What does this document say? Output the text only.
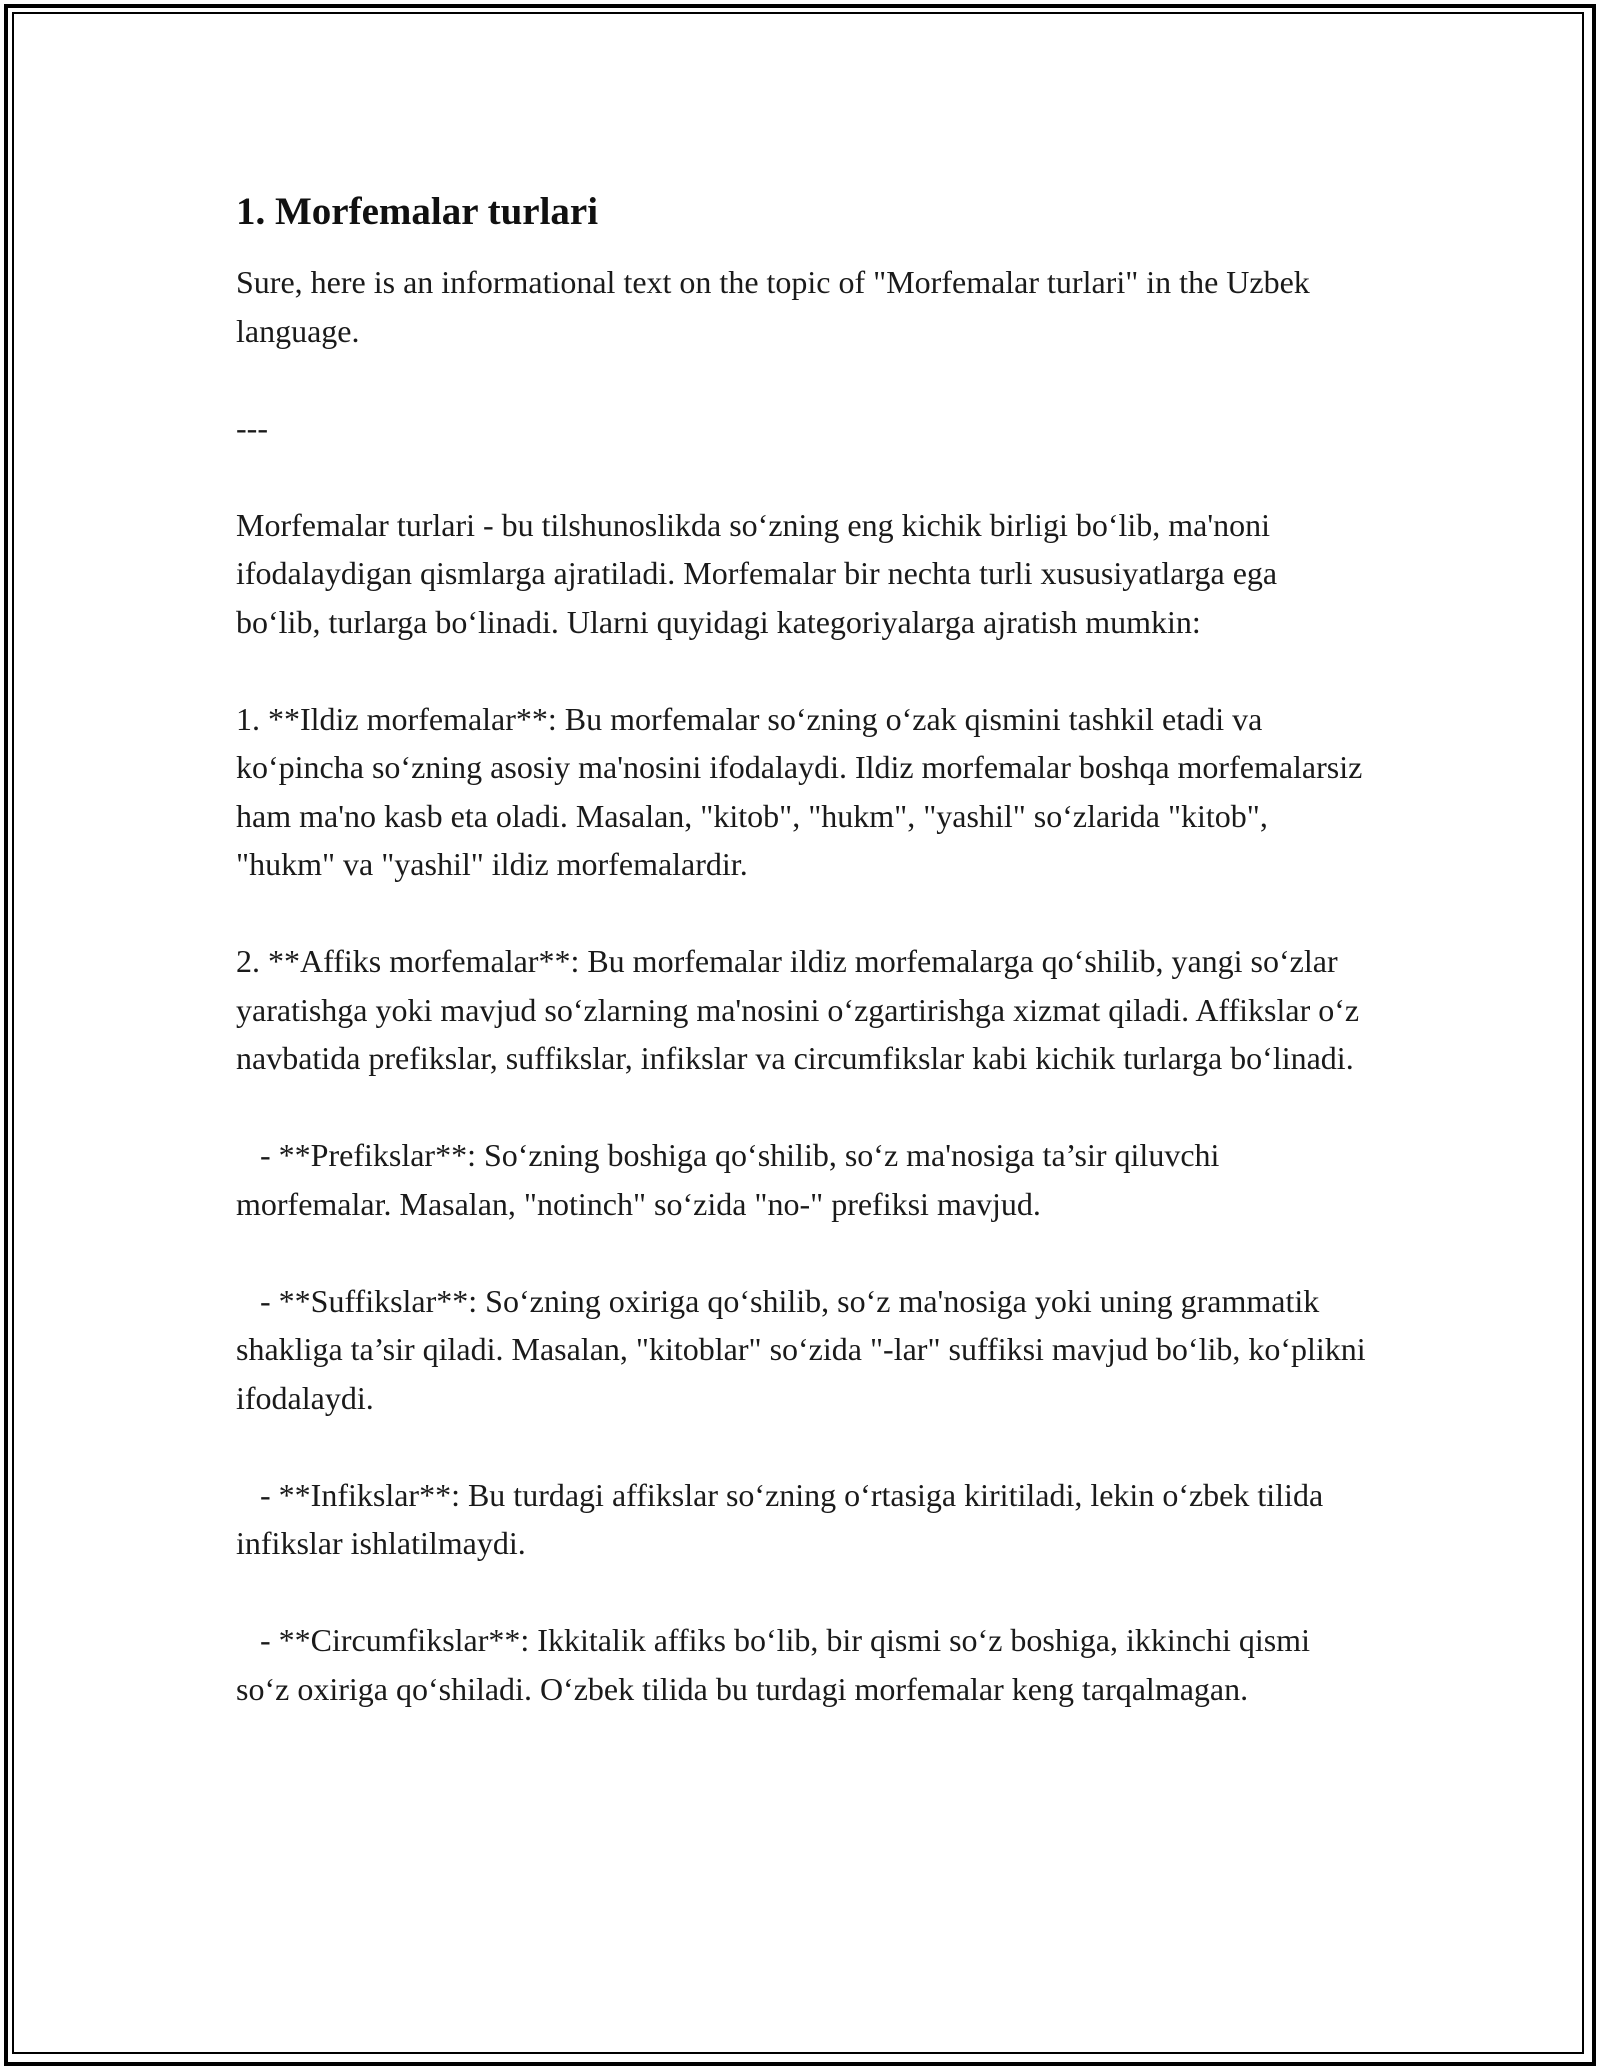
1. Morfemalar turlari

Sure, here is an informational text on the topic of "Morfemalar turlari" in the Uzbek language.

---

Morfemalar turlari - bu tilshunoslikda so‘zning eng kichik birligi bo‘lib, ma'noni ifodalaydigan qismlarga ajratiladi. Morfemalar bir nechta turli xususiyatlarga ega bo‘lib, turlarga bo‘linadi. Ularni quyidagi kategoriyalarga ajratish mumkin:

1. **Ildiz morfemalar**: Bu morfemalar so‘zning o‘zak qismini tashkil etadi va ko‘pincha so‘zning asosiy ma'nosini ifodalaydi. Ildiz morfemalar boshqa morfemalarsiz ham ma'no kasb eta oladi. Masalan, "kitob", "hukm", "yashil" so‘zlarida "kitob", "hukm" va "yashil" ildiz morfemalardir.

2. **Affiks morfemalar**: Bu morfemalar ildiz morfemalarga qo‘shilib, yangi so‘zlar yaratishga yoki mavjud so‘zlarning ma'nosini o‘zgartirishga xizmat qiladi. Affikslar o‘z navbatida prefikslar, suffikslar, infikslar va circumfikslar kabi kichik turlarga bo‘linadi.

- **Prefikslar**: So‘zning boshiga qo‘shilib, so‘z ma'nosiga ta’sir qiluvchi morfemalar. Masalan, "notinch" so‘zida "no-" prefiksi mavjud.

- **Suffikslar**: So‘zning oxiriga qo‘shilib, so‘z ma'nosiga yoki uning grammatik shakliga ta’sir qiladi. Masalan, "kitoblar" so‘zida "-lar" suffiksi mavjud bo‘lib, ko‘plikni ifodalaydi.

- **Infikslar**: Bu turdagi affikslar so‘zning o‘rtasiga kiritiladi, lekin o‘zbek tilida infikslar ishlatilmaydi.

- **Circumfikslar**: Ikkitalik affiks bo‘lib, bir qismi so‘z boshiga, ikkinchi qismi so‘z oxiriga qo‘shiladi. O‘zbek tilida bu turdagi morfemalar keng tarqalmagan.
